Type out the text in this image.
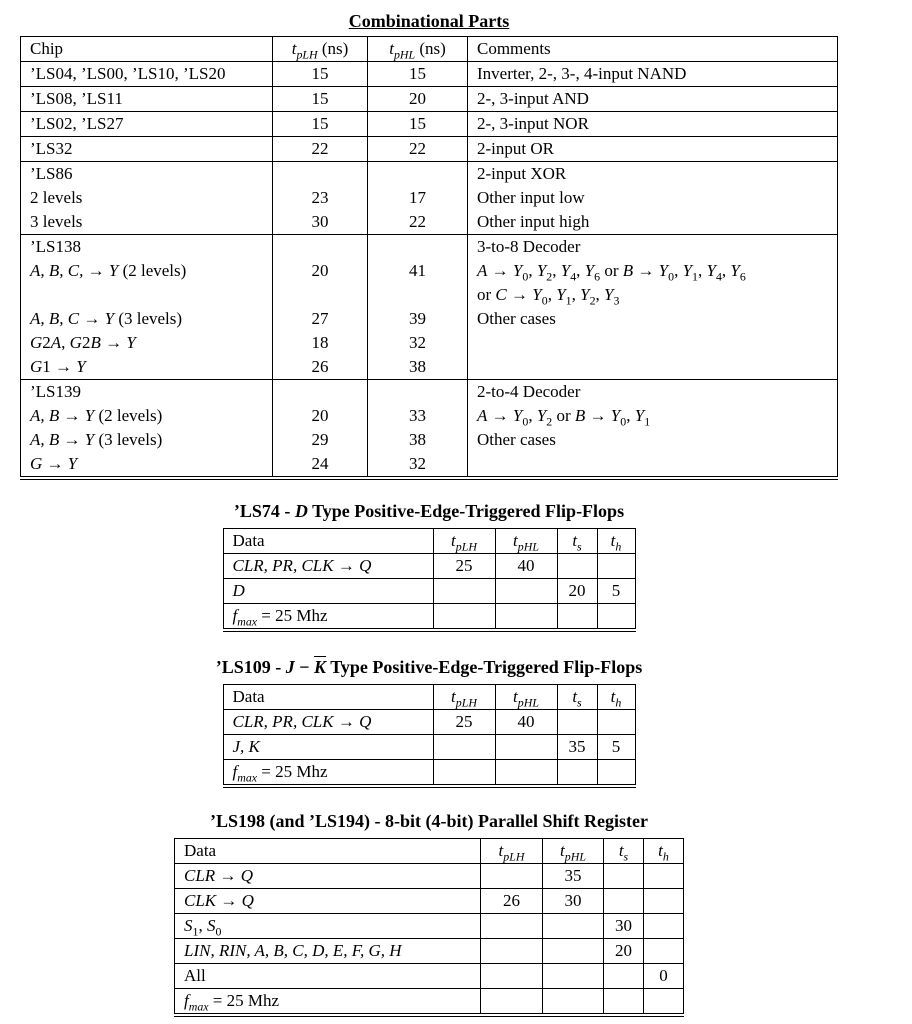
Combinational Parts
Chip	$t_{pLH}$ (ns)	$t_{pHL}$ (ns)	Comments
’LS04, ’LS00, ’LS10, ’LS20	15	15	Inverter, 2-, 3-, 4-input NAND
’LS08, ’LS11	15	20	2-, 3-input AND
’LS02, ’LS27	15	15	2-, 3-input NOR
’LS32	22	22	2-input OR
’LS86			2-input XOR
2 levels	23	17	Other input low
3 levels	30	22	Other input high
’LS138			3-to-8 Decoder
A, B, C, → Y (2 levels)	20	41	$A \to Y_0$, $Y_2$, $Y_4$, $Y_6$ or $B \to Y_0$, $Y_1$, $Y_4$, $Y_6$
			or $C \to Y_0$, $Y_1$, $Y_2$, $Y_3$
A, B, C → Y (3 levels)	27	39	Other cases
G2A, G2B → Y	18	32	
G1 → Y	26	38	
’LS139			2-to-4 Decoder
A, B → Y (2 levels)	20	33	$A \to Y_0$, $Y_2$ or $B \to Y_0$, $Y_1$
A, B → Y (3 levels)	29	38	Other cases
G → Y	24	32	
’LS74 - D Type Positive-Edge-Triggered Flip-Flops
Data	$t_{pLH}$	$t_{pHL}$	$t_s$	$t_h$
CLR, PR, CLK → Q	25	40		
D			20	5
$f_{max} = 25$ Mhz				
’LS109 - J − K Type Positive-Edge-Triggered Flip-Flops
Data	$t_{pLH}$	$t_{pHL}$	$t_s$	$t_h$
CLR, PR, CLK → Q	25	40		
J, K			35	5
$f_{max} = 25$ Mhz				
’LS198 (and ’LS194) - 8-bit (4-bit) Parallel Shift Register
Data	$t_{pLH}$	$t_{pHL}$	$t_s$	$t_h$
CLR → Q		35		
CLK → Q	26	30		
$S_1$, $S_0$			30	
LIN, RIN, A, B, C, D, E, F, G, H			20	
All				0
$f_{max} = 25$ Mhz				
